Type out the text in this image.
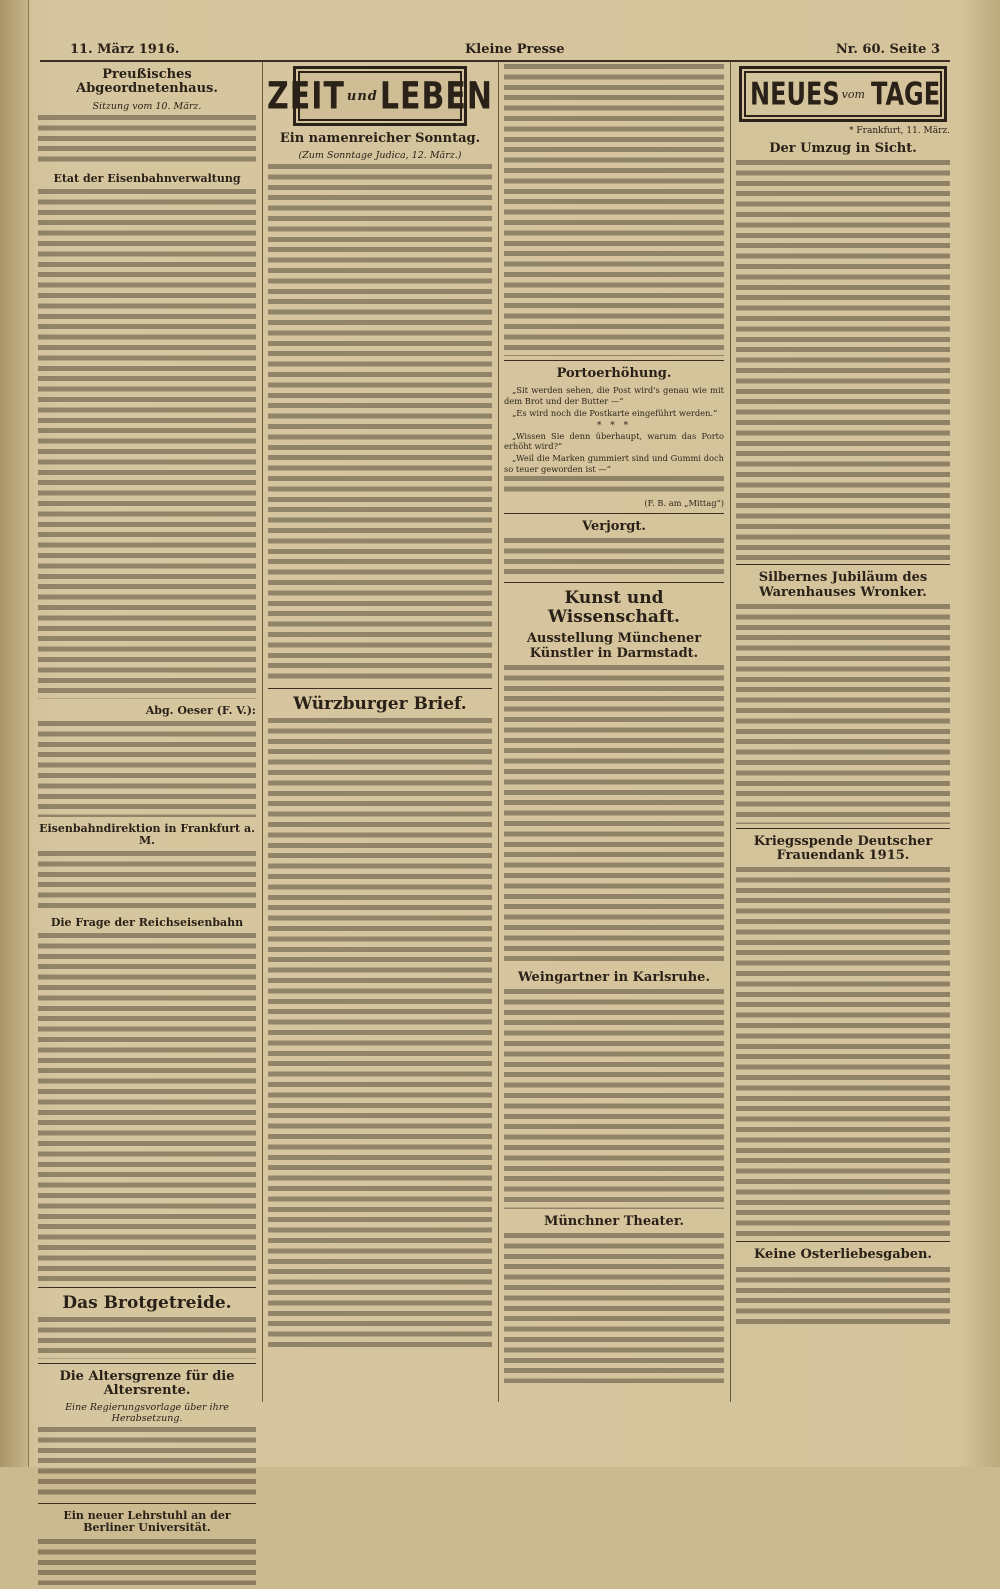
11. März 1916.	Kleine Presse	Nr. 60. Seite 3
Preußisches Abgeordnetenhaus.
Sitzung vom 10. März.
Etat der Eisenbahnverwaltung
Abg. Oeser (F. V.):
Eisenbahndirektion in Frankfurt a. M.
Die Frage der Reichseisenbahn
Das Brotgetreide.
Die Altersgrenze für die Altersrente.
Eine Regierungsvorlage über ihre Herabsetzung.
Ein neuer Lehrstuhl an der Berliner Universität.
ZEIT und LEBEN
Ein namenreicher Sonntag.
(Zum Sonntage Judica, 12. März.)
Würzburger Brief.
Portoerhöhung.
„Sit werden sehen, die Post wird's genau wie mit dem Brot und der Butter —“
„Es wird noch die Postkarte eingeführt werden.“
* * *
„Wissen Sie denn überhaupt, warum das Porto erhöht wird?“
„Weil die Marken gummiert sind und Gummi doch so teuer geworden ist —“
(F. B. am „Mittag“)
Verjorgt.
Kunst und Wissenschaft.
Ausstellung Münchener Künstler in Darmstadt.
Weingartner in Karlsruhe.
Münchner Theater.
NEUES vom TAGE
* Frankfurt, 11. März.
Der Umzug in Sicht.
Silbernes Jubiläum des Warenhauses Wronker.
Kriegsspende Deutscher Frauendank 1915.
Keine Osterliebesgaben.
